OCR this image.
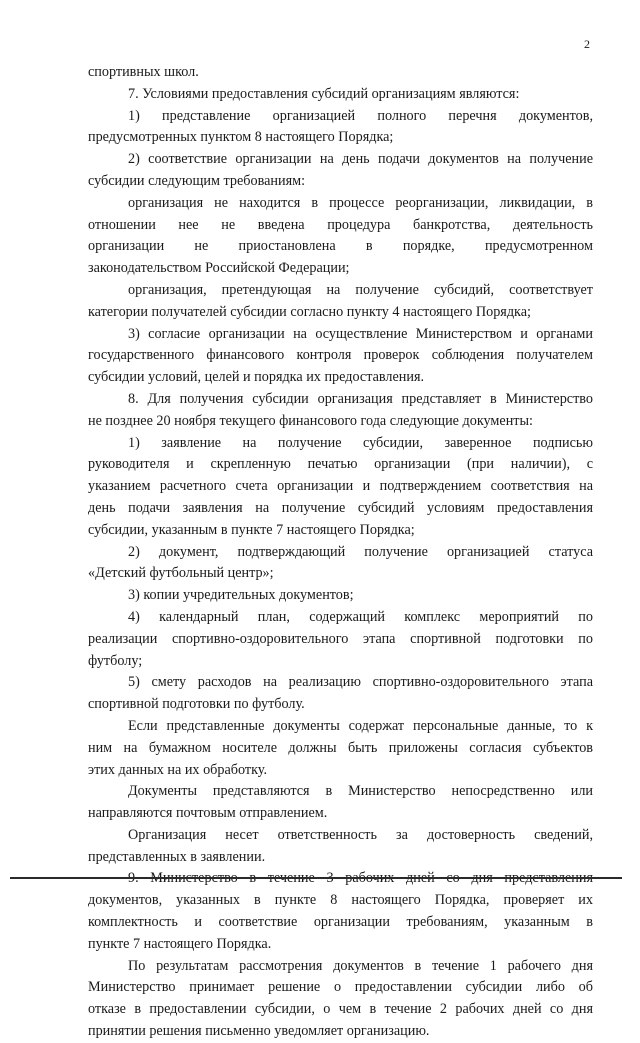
2
спортивных школ.
7. Условиями предоставления субсидий организациям являются:
1) представление организацией полного перечня документов,
предусмотренных пунктом 8 настоящего Порядка;
2) соответствие организации на день подачи документов на получение
субсидии следующим требованиям:
организация не находится в процессе реорганизации, ликвидации, в
отношении нее не введена процедура банкротства, деятельность
организации не приостановлена в порядке, предусмотренном
законодательством Российской Федерации;
организация, претендующая на получение субсидий, соответствует
категории получателей субсидии согласно пункту 4 настоящего Порядка;
3) согласие организации на осуществление Министерством и органами
государственного финансового контроля проверок соблюдения получателем
субсидии условий, целей и порядка их предоставления.
8. Для получения субсидии организация представляет в Министерство
не позднее 20 ноября текущего финансового года следующие документы:
1) заявление на получение субсидии, заверенное подписью
руководителя и скрепленную печатью организации (при наличии), с
указанием расчетного счета организации и подтверждением соответствия на
день подачи заявления на получение субсидий условиям предоставления
субсидии, указанным в пункте 7 настоящего Порядка;
2) документ, подтверждающий получение организацией статуса
«Детский футбольный центр»;
3) копии учредительных документов;
4) календарный план, содержащий комплекс мероприятий по
реализации спортивно-оздоровительного этапа спортивной подготовки по
футболу;
5) смету расходов на реализацию спортивно-оздоровительного этапа
спортивной подготовки по футболу.
Если представленные документы содержат персональные данные, то к
ним на бумажном носителе должны быть приложены согласия субъектов
этих данных на их обработку.
Документы представляются в Министерство непосредственно или
направляются почтовым отправлением.
Организация несет ответственность за достоверность сведений,
представленных в заявлении.
9. Министерство в течение 3 рабочих дней со дня представления
документов, указанных в пункте 8 настоящего Порядка, проверяет их
комплектность и соответствие организации требованиям, указанным в
пункте 7 настоящего Порядка.
По результатам рассмотрения документов в течение 1 рабочего дня
Министерство принимает решение о предоставлении субсидии либо об
отказе в предоставлении субсидии, о чем в течение 2 рабочих дней со дня
принятии решения письменно уведомляет организацию.
